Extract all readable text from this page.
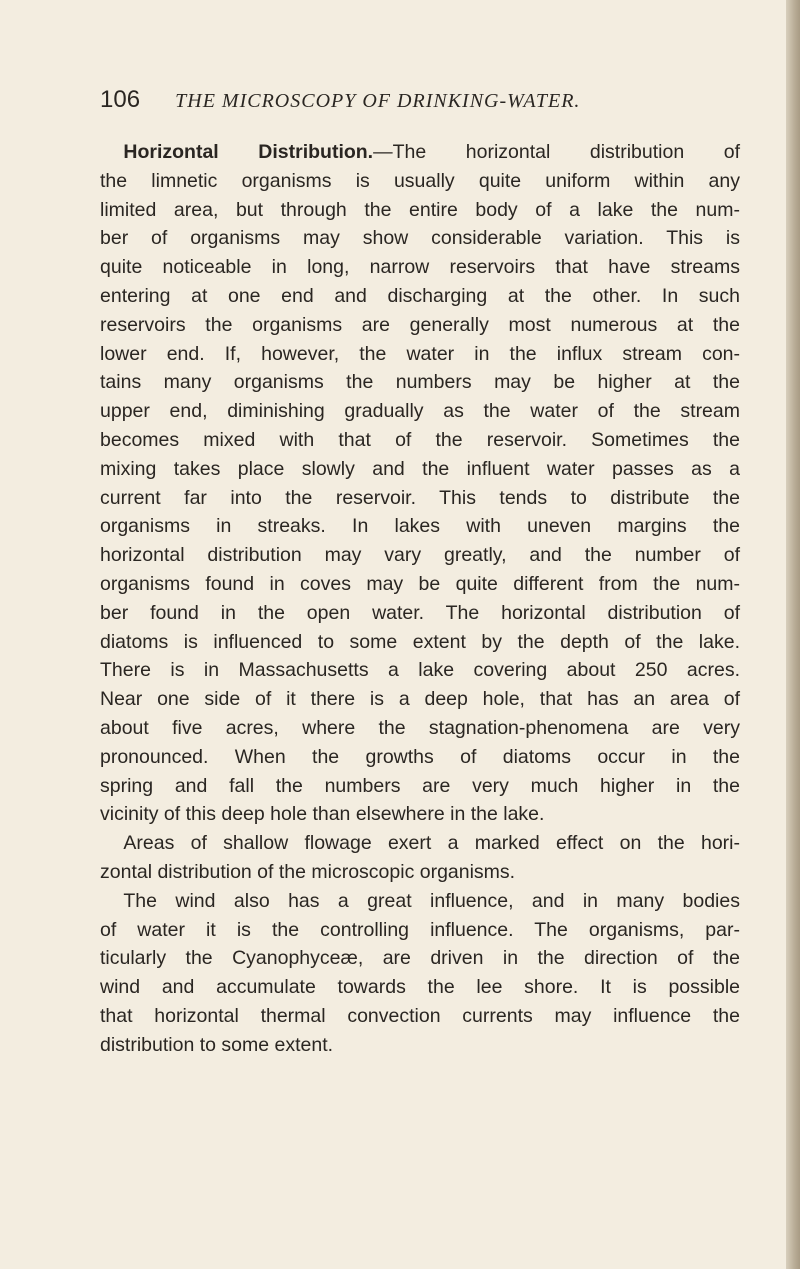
106 THE MICROSCOPY OF DRINKING-WATER.
Horizontal Distribution.—The horizontal distribution of
the limnetic organisms is usually quite uniform within any
limited area, but through the entire body of a lake the num-
ber of organisms may show considerable variation. This is
quite noticeable in long, narrow reservoirs that have streams
entering at one end and discharging at the other. In such
reservoirs the organisms are generally most numerous at the
lower end. If, however, the water in the influx stream con-
tains many organisms the numbers may be higher at the
upper end, diminishing gradually as the water of the stream
becomes mixed with that of the reservoir. Sometimes the
mixing takes place slowly and the influent water passes as a
current far into the reservoir. This tends to distribute the
organisms in streaks. In lakes with uneven margins the
horizontal distribution may vary greatly, and the number of
organisms found in coves may be quite different from the num-
ber found in the open water. The horizontal distribution of
diatoms is influenced to some extent by the depth of the lake.
There is in Massachusetts a lake covering about 250 acres.
Near one side of it there is a deep hole, that has an area of
about five acres, where the stagnation-phenomena are very
pronounced. When the growths of diatoms occur in the
spring and fall the numbers are very much higher in the
vicinity of this deep hole than elsewhere in the lake.
Areas of shallow flowage exert a marked effect on the hori-
zontal distribution of the microscopic organisms.
The wind also has a great influence, and in many bodies
of water it is the controlling influence. The organisms, par-
ticularly the Cyanophyceæ, are driven in the direction of the
wind and accumulate towards the lee shore. It is possible
that horizontal thermal convection currents may influence the
distribution to some extent.
